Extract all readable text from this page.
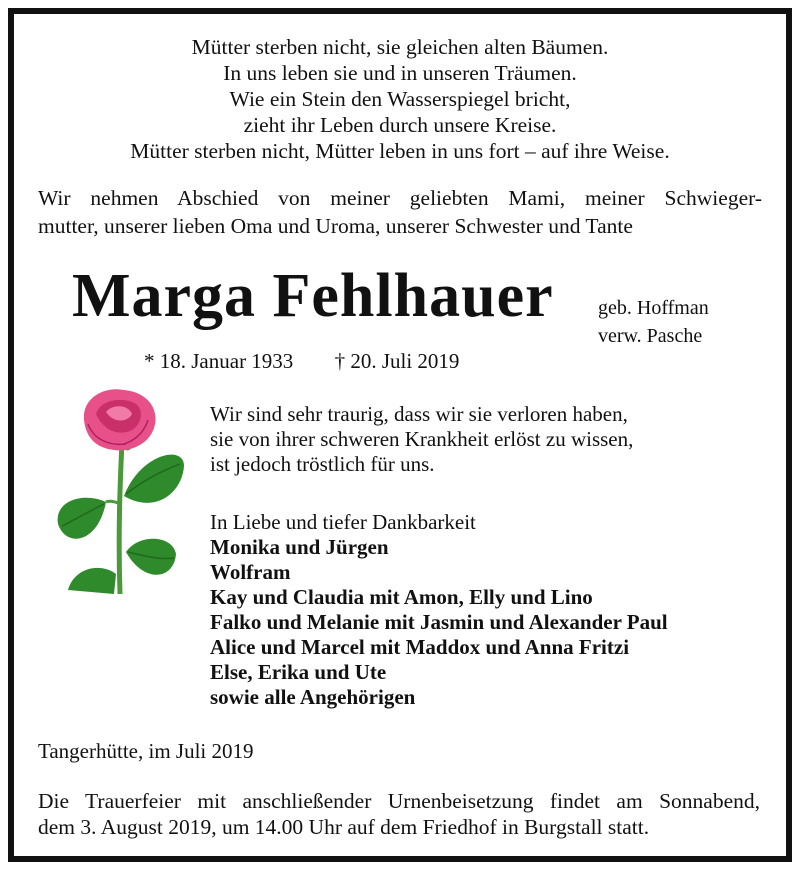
Mütter sterben nicht, sie gleichen alten Bäumen.
In uns leben sie und in unseren Träumen.
Wie ein Stein den Wasserspiegel bricht,
zieht ihr Leben durch unsere Kreise.
Mütter sterben nicht, Mütter leben in uns fort – auf ihre Weise.
Wir nehmen Abschied von meiner geliebten Mami, meiner Schwieger-
mutter, unserer lieben Oma und Uroma, unserer Schwester und Tante
Marga Fehlhauer geb. Hoffman
verw. Pasche
* 18. Januar 1933 † 20. Juli 2019
Wir sind sehr traurig, dass wir sie verloren haben,
sie von ihrer schweren Krankheit erlöst zu wissen,
ist jedoch tröstlich für uns.
In Liebe und tiefer Dankbarkeit
Monika und Jürgen
Wolfram
Kay und Claudia mit Amon, Elly und Lino
Falko und Melanie mit Jasmin und Alexander Paul
Alice und Marcel mit Maddox und Anna Fritzi
Else, Erika und Ute
sowie alle Angehörigen
Tangerhütte, im Juli 2019
Die Trauerfeier mit anschließender Urnenbeisetzung findet am Sonnabend,
dem 3. August 2019, um 14.00 Uhr auf dem Friedhof in Burgstall statt.
